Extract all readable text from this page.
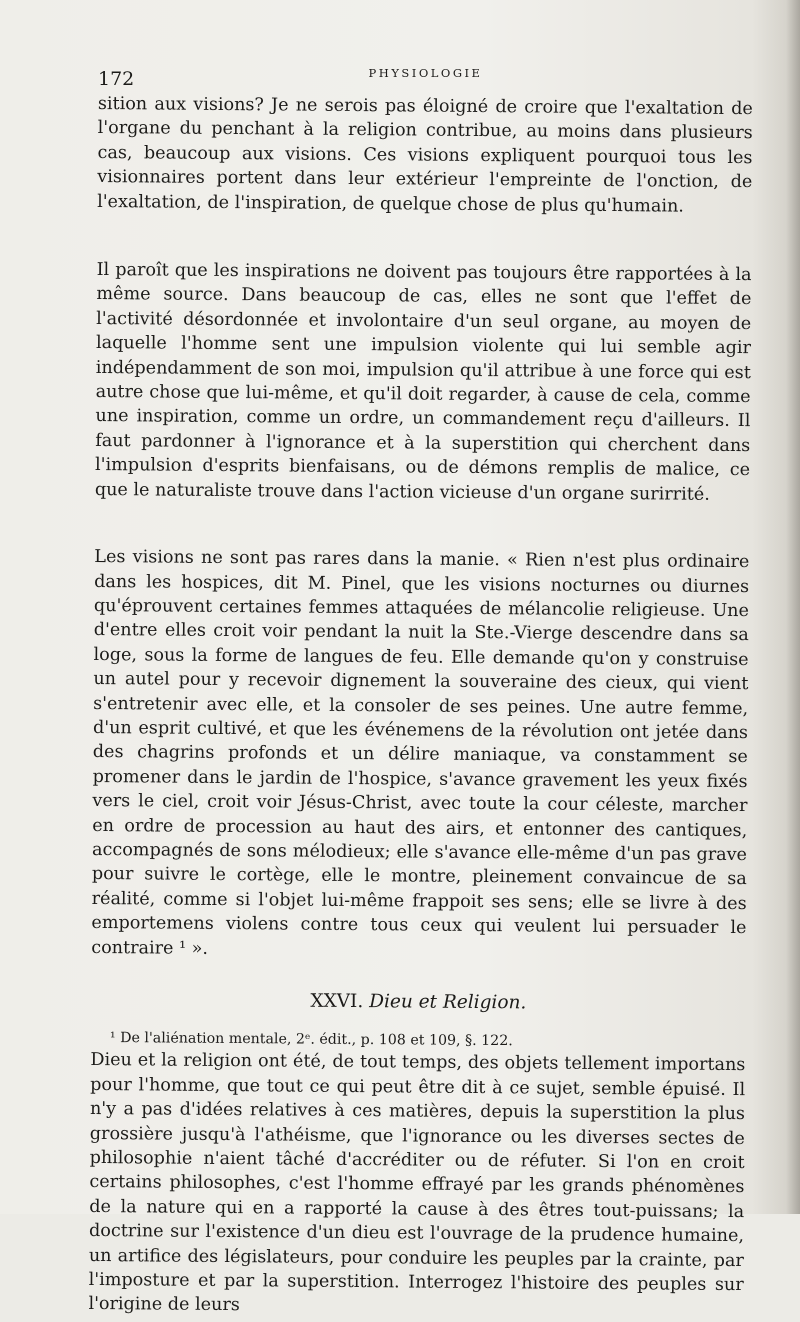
172	PHYSIOLOGIE

sition aux visions? Je ne serois pas éloigné de croire que l'exaltation de l'organe du penchant à la religion contribue, au moins dans plusieurs cas, beaucoup aux visions. Ces visions expliquent pourquoi tous les visionnaires portent dans leur extérieur l'empreinte de l'onction, de l'exaltation, de l'inspiration, de quelque chose de plus qu'humain.

Il paroît que les inspirations ne doivent pas toujours être rapportées à la même source. Dans beaucoup de cas, elles ne sont que l'effet de l'activité désordonnée et involontaire d'un seul organe, au moyen de laquelle l'homme sent une impulsion violente qui lui semble agir indépendamment de son moi, impulsion qu'il attribue à une force qui est autre chose que lui-même, et qu'il doit regarder, à cause de cela, comme une inspiration, comme un ordre, un commandement reçu d'ailleurs. Il faut pardonner à l'ignorance et à la superstition qui cherchent dans l'impulsion d'esprits bienfaisans, ou de démons remplis de malice, ce que le naturaliste trouve dans l'action vicieuse d'un organe surirrité.

Les visions ne sont pas rares dans la manie. « Rien n'est plus ordinaire dans les hospices, dit M. Pinel, que les visions nocturnes ou diurnes qu'éprouvent certaines femmes attaquées de mélancolie religieuse. Une d'entre elles croit voir pendant la nuit la Ste.-Vierge descendre dans sa loge, sous la forme de langues de feu. Elle demande qu'on y construise un autel pour y recevoir dignement la souveraine des cieux, qui vient s'entretenir avec elle, et la consoler de ses peines. Une autre femme, d'un esprit cultivé, et que les événemens de la révolution ont jetée dans des chagrins profonds et un délire maniaque, va constamment se promener dans le jardin de l'hospice, s'avance gravement les yeux fixés vers le ciel, croit voir Jésus-Christ, avec toute la cour céleste, marcher en ordre de procession au haut des airs, et entonner des cantiques, accompagnés de sons mélodieux; elle s'avance elle-même d'un pas grave pour suivre le cortège, elle le montre, pleinement convaincue de sa réalité, comme si l'objet lui-même frappoit ses sens; elle se livre à des emportemens violens contre tous ceux qui veulent lui persuader le contraire ¹ ».

XXVI. Dieu et Religion.

Dieu et la religion ont été, de tout temps, des objets tellement importans pour l'homme, que tout ce qui peut être dit à ce sujet, semble épuisé. Il n'y a pas d'idées relatives à ces matières, depuis la superstition la plus grossière jusqu'à l'athéisme, que l'ignorance ou les diverses sectes de philosophie n'aient tâché d'accréditer ou de réfuter. Si l'on en croit certains philosophes, c'est l'homme effrayé par les grands phénomènes de la nature qui en a rapporté la cause à des êtres tout-puissans; la doctrine sur l'existence d'un dieu est l'ouvrage de la prudence humaine, un artifice des législateurs, pour conduire les peuples par la crainte, par l'imposture et par la superstition. Interrogez l'histoire des peuples sur l'origine de leurs

¹ De l'aliénation mentale, 2ᵉ. édit., p. 108 et 109, §. 122.
